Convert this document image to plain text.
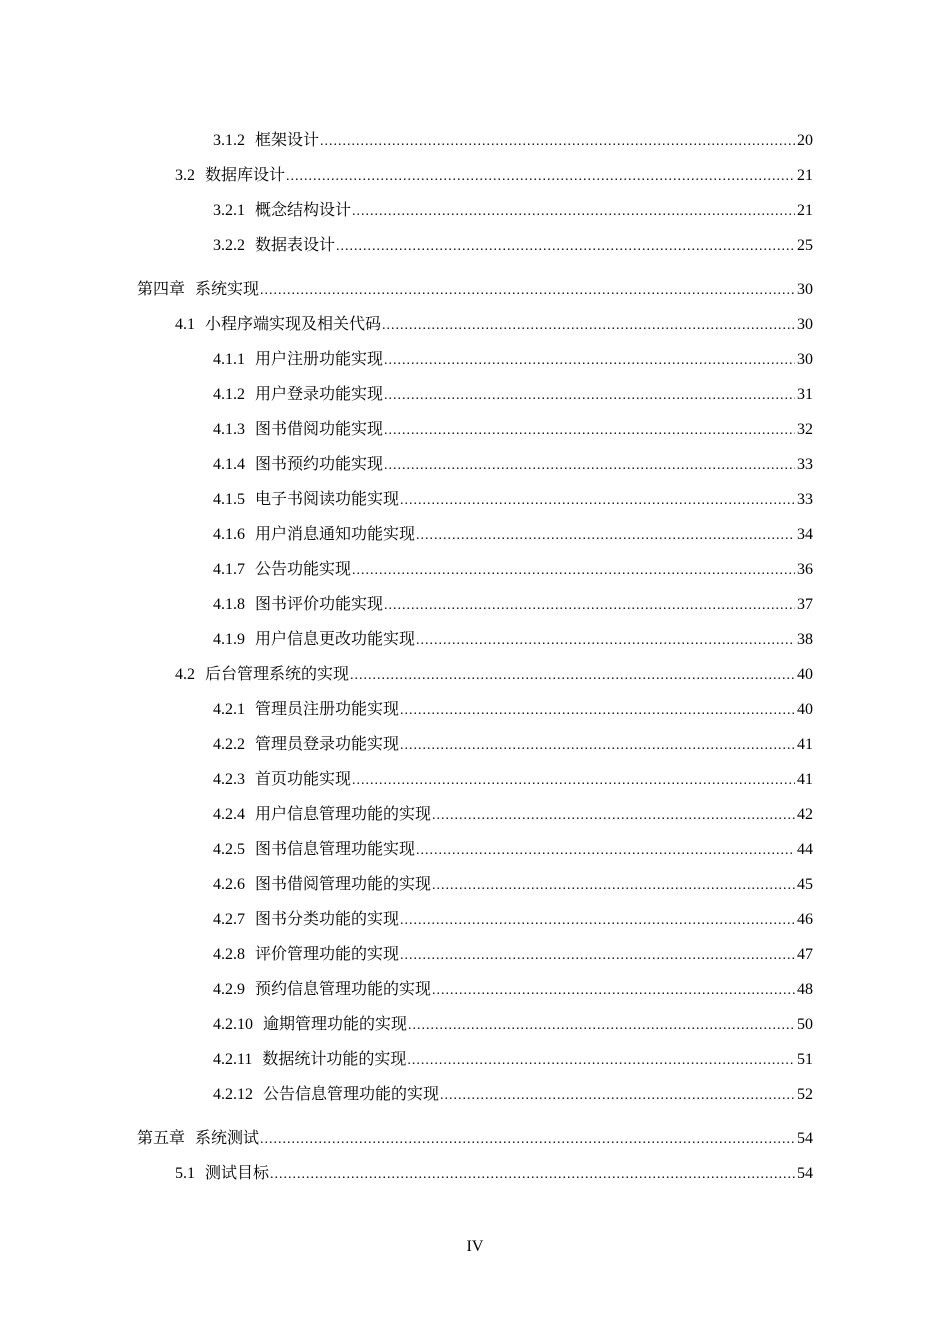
3.1.2 框架设计 .....	20
3.2 数据库设计 .....	21
3.2.1 概念结构设计 .....	21
3.2.2 数据表设计 .....	25
第四章 系统实现 .....	30
4.1 小程序端实现及相关代码 .....	30
4.1.1 用户注册功能实现 .....	30
4.1.2 用户登录功能实现 .....	31
4.1.3 图书借阅功能实现 .....	32
4.1.4 图书预约功能实现 .....	33
4.1.5 电子书阅读功能实现 .....	33
4.1.6 用户消息通知功能实现 .....	34
4.1.7 公告功能实现 .....	36
4.1.8 图书评价功能实现 .....	37
4.1.9 用户信息更改功能实现 .....	38
4.2 后台管理系统的实现 .....	40
4.2.1 管理员注册功能实现 .....	40
4.2.2 管理员登录功能实现 .....	41
4.2.3 首页功能实现 .....	41
4.2.4 用户信息管理功能的实现 .....	42
4.2.5 图书信息管理功能实现 .....	44
4.2.6 图书借阅管理功能的实现 .....	45
4.2.7 图书分类功能的实现 .....	46
4.2.8 评价管理功能的实现 .....	47
4.2.9 预约信息管理功能的实现 .....	48
4.2.10 逾期管理功能的实现 .....	50
4.2.11 数据统计功能的实现 .....	51
4.2.12 公告信息管理功能的实现 .....	52
第五章 系统测试 .....	54
5.1 测试目标 .....	54
IV
